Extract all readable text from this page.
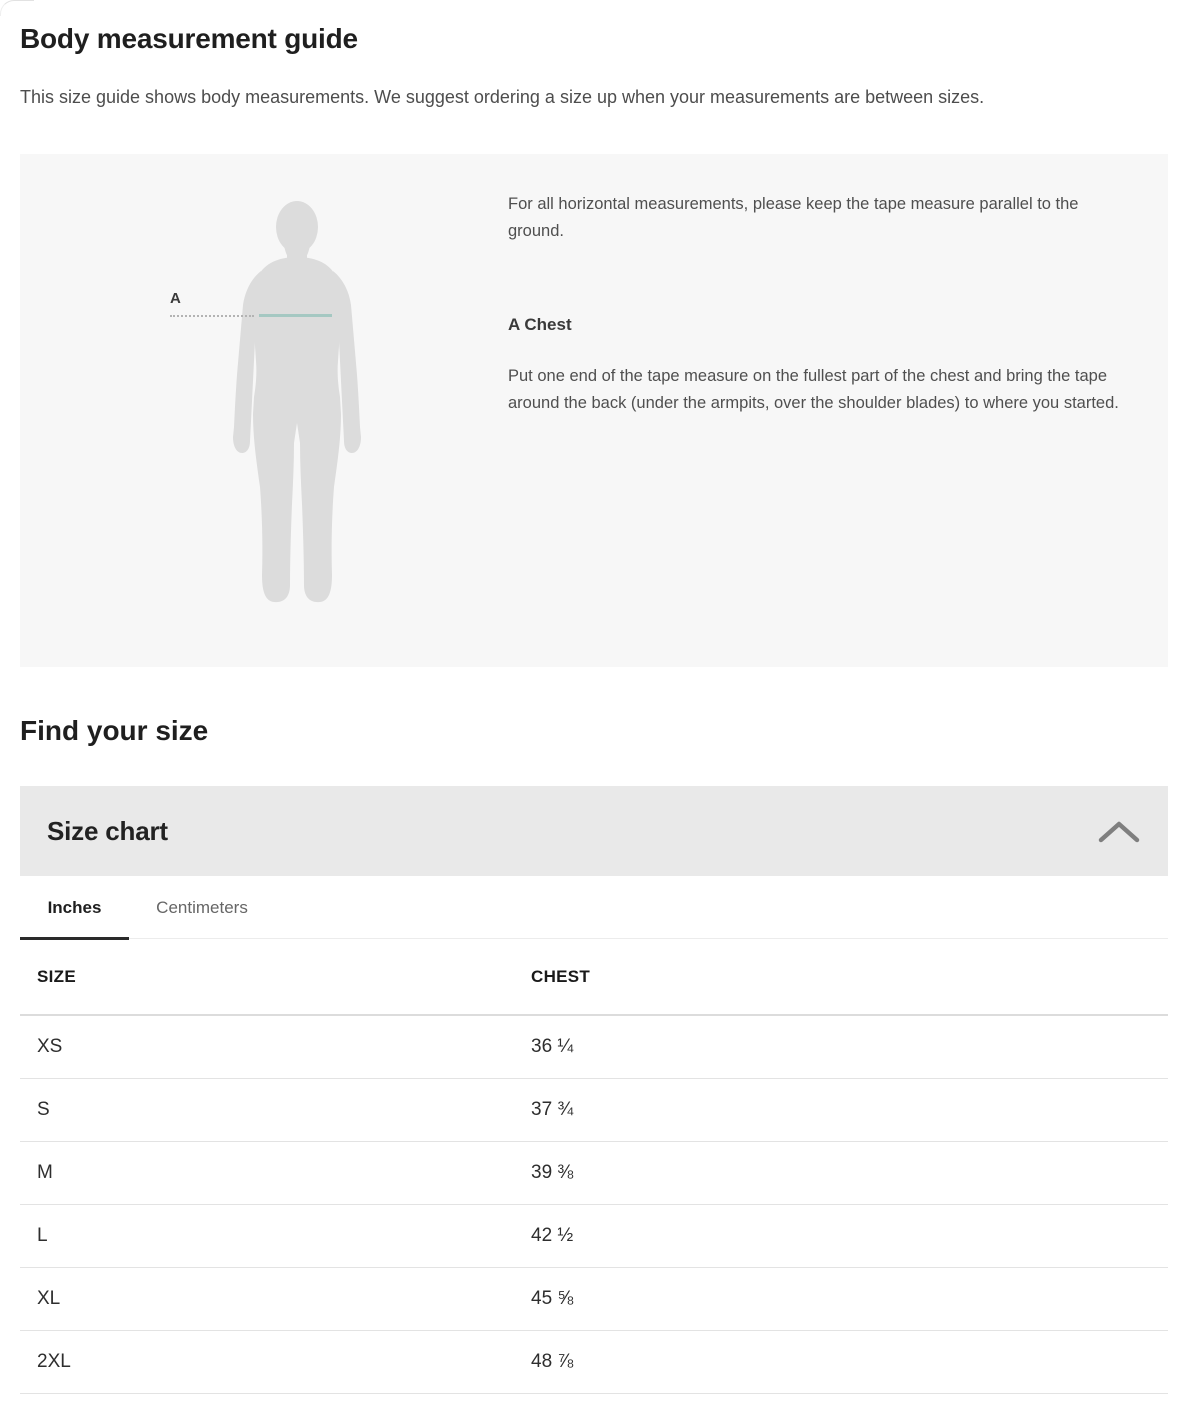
Body measurement guide

This size guide shows body measurements. We suggest ordering a size up when your measurements are between sizes.

A

For all horizontal measurements, please keep the tape measure parallel to the ground.

A Chest

Put one end of the tape measure on the fullest part of the chest and bring the tape around the back (under the armpits, over the shoulder blades) to where you started.

Find your size
Size chart
Inches	Centimeters
SIZE	CHEST
XS	36 ¼
S	37 ¾
M	39 ⅜
L	42 ½
XL	45 ⅝
2XL	48 ⅞
